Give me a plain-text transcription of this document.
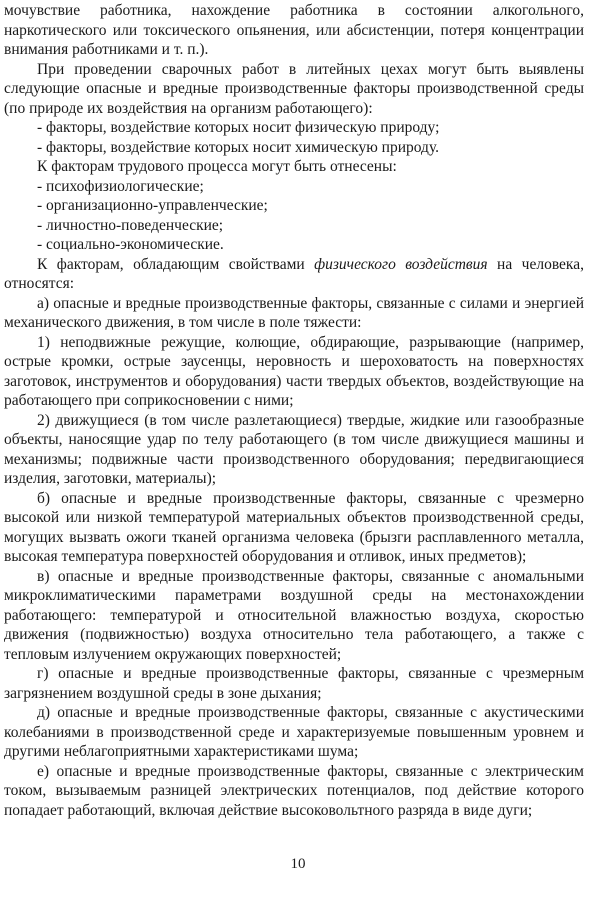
мочувствие работника, нахождение работника в состоянии алкогольного, наркотического или токсического опьянения, или абсистенции, потеря концентрации внимания работниками и т. п.).

При проведении сварочных работ в литейных цехах могут быть выявлены следующие опасные и вредные производственные факторы производственной среды (по природе их воздействия на организм работающего):

- факторы, воздействие которых носит физическую природу;

- факторы, воздействие которых носит химическую природу.

К факторам трудового процесса могут быть отнесены:

- психофизиологические;

- организационно-управленческие;

- личностно-поведенческие;

- социально-экономические.

К факторам, обладающим свойствами физического воздействия на человека, относятся:

а) опасные и вредные производственные факторы, связанные с силами и энергией механического движения, в том числе в поле тяжести:

1) неподвижные режущие, колющие, обдирающие, разрывающие (например, острые кромки, острые заусенцы, неровность и шероховатость на поверхностях заготовок, инструментов и оборудования) части твердых объектов, воздействующие на работающего при соприкосновении с ними;

2) движущиеся (в том числе разлетающиеся) твердые, жидкие или газообразные объекты, наносящие удар по телу работающего (в том числе движущиеся машины и механизмы; подвижные части производственного оборудования; передвигающиеся изделия, заготовки, материалы);

б) опасные и вредные производственные факторы, связанные с чрезмерно высокой или низкой температурой материальных объектов производственной среды, могущих вызвать ожоги тканей организма человека (брызги расплавленного металла, высокая температура поверхностей оборудования и отливок, иных предметов);

в) опасные и вредные производственные факторы, связанные с аномальными микроклиматическими параметрами воздушной среды на местонахождении работающего: температурой и относительной влажностью воздуха, скоростью движения (подвижностью) воздуха относительно тела работающего, а также с тепловым излучением окружающих поверхностей;

г) опасные и вредные производственные факторы, связанные с чрезмерным загрязнением воздушной среды в зоне дыхания;

д) опасные и вредные производственные факторы, связанные с акустическими колебаниями в производственной среде и характеризуемые повышенным уровнем и другими неблагоприятными характеристиками шума;

е) опасные и вредные производственные факторы, связанные с электрическим током, вызываемым разницей электрических потенциалов, под действие которого попадает работающий, включая действие высоковольтного разряда в виде дуги;

10
